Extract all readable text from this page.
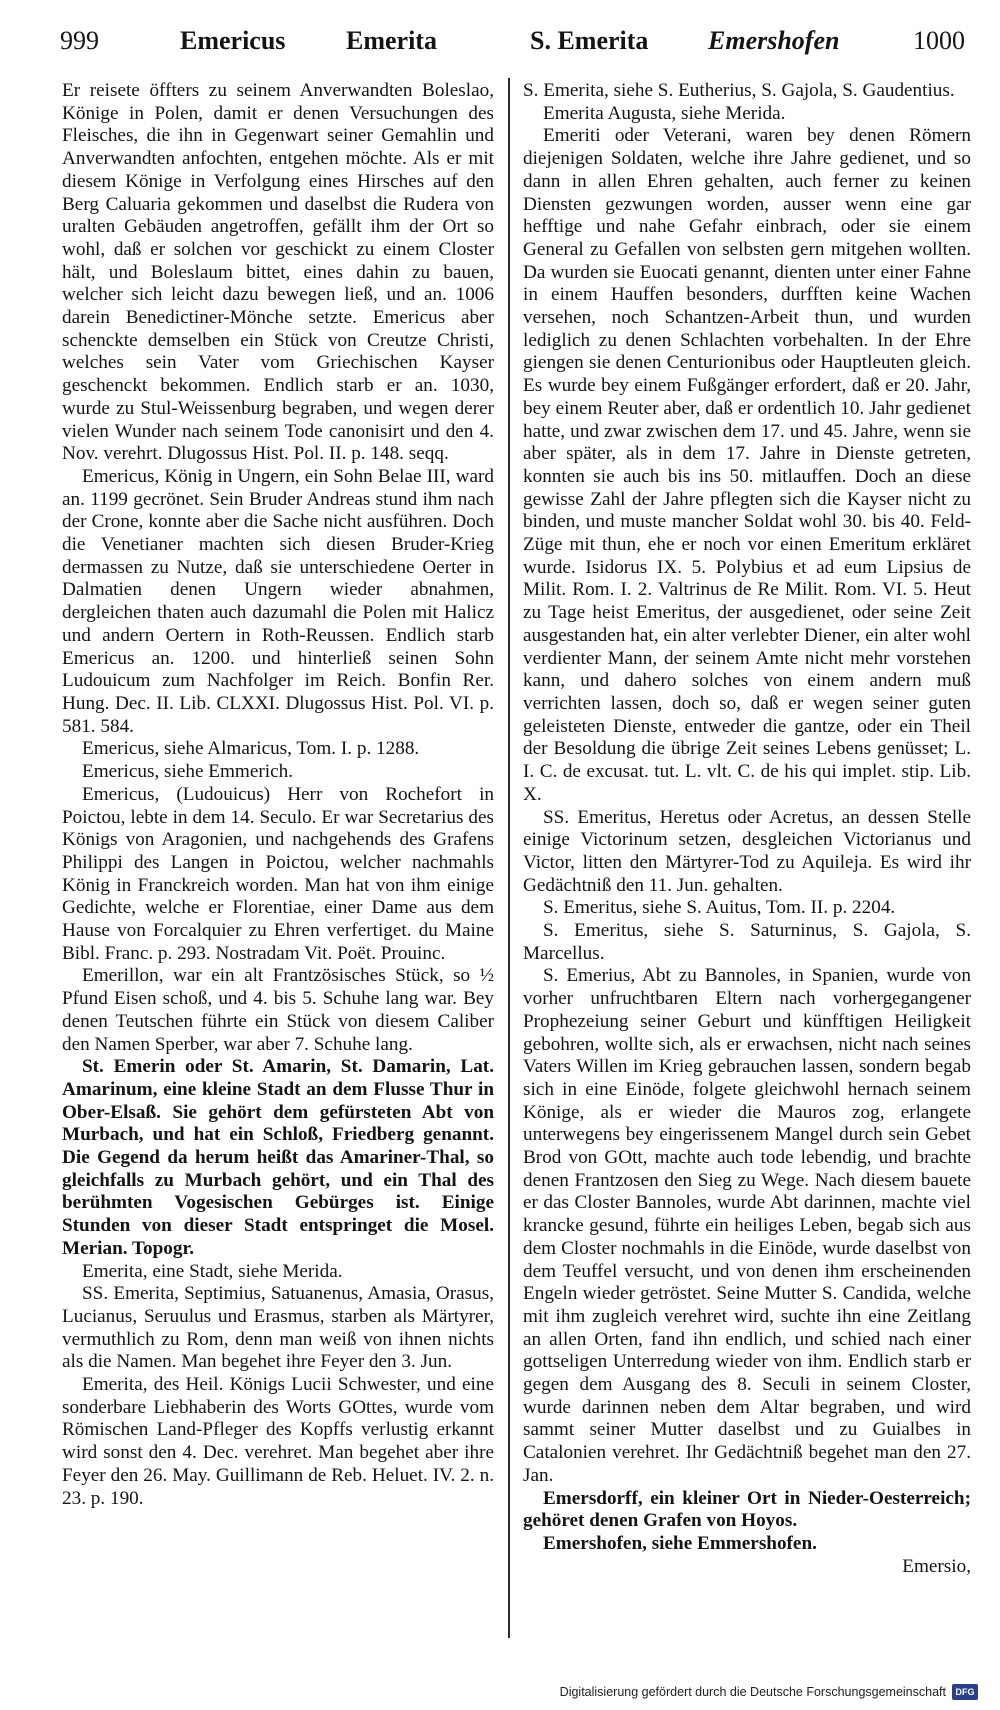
999	Emericus Emerita	S. Emerita Emershofen	1000

Er reisete öffters zu seinem Anverwandten Boleslao, Könige in Polen, damit er denen Versuchungen des Fleisches, die ihn in Gegenwart seiner Gemahlin und Anverwandten anfochten, entgehen möchte. Als er mit diesem Könige in Verfolgung eines Hirsches auf den Berg Caluaria gekommen und daselbst die Rudera von uralten Gebäuden angetroffen, gefällt ihm der Ort so wohl, daß er solchen vor geschickt zu einem Closter hält, und Boleslaum bittet, eines dahin zu bauen, welcher sich leicht dazu bewegen ließ, und an. 1006 darein Benedictiner-Mönche setzte. Emericus aber schenckte demselben ein Stück von Creutze Christi, welches sein Vater vom Griechischen Kayser geschenckt bekommen. Endlich starb er an. 1030, wurde zu Stul-Weissenburg begraben, und wegen derer vielen Wunder nach seinem Tode canonisirt und den 4. Nov. verehrt. Dlugossus Hist. Pol. II. p. 148. seqq.

Emericus, König in Ungern, ein Sohn Belae III, ward an. 1199 gecrönet. Sein Bruder Andreas stund ihm nach der Crone, konnte aber die Sache nicht ausführen. Doch die Venetianer machten sich diesen Bruder-Krieg dermassen zu Nutze, daß sie unterschiedene Oerter in Dalmatien denen Ungern wieder abnahmen, dergleichen thaten auch dazumahl die Polen mit Halicz und andern Oertern in Roth-Reussen. Endlich starb Emericus an. 1200. und hinterließ seinen Sohn Ludouicum zum Nachfolger im Reich. Bonfin Rer. Hung. Dec. II. Lib. CLXXI. Dlugossus Hist. Pol. VI. p. 581. 584.

Emericus, siehe Almaricus, Tom. I. p. 1288.

Emericus, siehe Emmerich.

Emericus, (Ludouicus) Herr von Rochefort in Poictou, lebte in dem 14. Seculo. Er war Secretarius des Königs von Aragonien, und nachgehends des Grafens Philippi des Langen in Poictou, welcher nachmahls König in Franckreich worden. Man hat von ihm einige Gedichte, welche er Florentiae, einer Dame aus dem Hause von Forcalquier zu Ehren verfertiget. du Maine Bibl. Franc. p. 293. Nostradam Vit. Poët. Prouinc.

Emerillon, war ein alt Frantzösisches Stück, so ½ Pfund Eisen schoß, und 4. bis 5. Schuhe lang war. Bey denen Teutschen führte ein Stück von diesem Caliber den Namen Sperber, war aber 7. Schuhe lang.

St. Emerin oder St. Amarin, St. Damarin, Lat. Amarinum, eine kleine Stadt an dem Flusse Thur in Ober-Elsaß. Sie gehört dem gefürsteten Abt von Murbach, und hat ein Schloß, Friedberg genannt. Die Gegend da herum heißt das Amariner-Thal, so gleichfalls zu Murbach gehört, und ein Thal des berühmten Vogesischen Gebürges ist. Einige Stunden von dieser Stadt entspringet die Mosel. Merian. Topogr.

Emerita, eine Stadt, siehe Merida.

SS. Emerita, Septimius, Satuanenus, Amasia, Orasus, Lucianus, Seruulus und Erasmus, starben als Märtyrer, vermuthlich zu Rom, denn man weiß von ihnen nichts als die Namen. Man begehet ihre Feyer den 3. Jun.

Emerita, des Heil. Königs Lucii Schwester, und eine sonderbare Liebhaberin des Worts GOttes, wurde vom Römischen Land-Pfleger des Kopffs verlustig erkannt wird sonst den 4. Dec. verehret. Man begehet aber ihre Feyer den 26. May. Guillimann de Reb. Heluet. IV. 2. n. 23. p. 190.

S. Emerita, siehe S. Eutherius, S. Gajola, S. Gaudentius.

Emerita Augusta, siehe Merida.

Emeriti oder Veterani, waren bey denen Römern diejenigen Soldaten, welche ihre Jahre gedienet, und so dann in allen Ehren gehalten, auch ferner zu keinen Diensten gezwungen worden, ausser wenn eine gar hefftige und nahe Gefahr einbrach, oder sie einem General zu Gefallen von selbsten gern mitgehen wollten. Da wurden sie Euocati genannt, dienten unter einer Fahne in einem Hauffen besonders, durfften keine Wachen versehen, noch Schantzen-Arbeit thun, und wurden lediglich zu denen Schlachten vorbehalten. In der Ehre giengen sie denen Centurionibus oder Hauptleuten gleich. Es wurde bey einem Fußgänger erfordert, daß er 20. Jahr, bey einem Reuter aber, daß er ordentlich 10. Jahr gedienet hatte, und zwar zwischen dem 17. und 45. Jahre, wenn sie aber später, als in dem 17. Jahre in Dienste getreten, konnten sie auch bis ins 50. mitlauffen. Doch an diese gewisse Zahl der Jahre pflegten sich die Kayser nicht zu binden, und muste mancher Soldat wohl 30. bis 40. Feld-Züge mit thun, ehe er noch vor einen Emeritum erkläret wurde. Isidorus IX. 5. Polybius et ad eum Lipsius de Milit. Rom. I. 2. Valtrinus de Re Milit. Rom. VI. 5. Heut zu Tage heist Emeritus, der ausgedienet, oder seine Zeit ausgestanden hat, ein alter verlebter Diener, ein alter wohl verdienter Mann, der seinem Amte nicht mehr vorstehen kann, und dahero solches von einem andern muß verrichten lassen, doch so, daß er wegen seiner guten geleisteten Dienste, entweder die gantze, oder ein Theil der Besoldung die übrige Zeit seines Lebens genüsset; L. I. C. de excusat. tut. L. vlt. C. de his qui implet. stip. Lib. X.

SS. Emeritus, Heretus oder Acretus, an dessen Stelle einige Victorinum setzen, desgleichen Victorianus und Victor, litten den Märtyrer-Tod zu Aquileja. Es wird ihr Gedächtniß den 11. Jun. gehalten.

S. Emeritus, siehe S. Auitus, Tom. II. p. 2204.

S. Emeritus, siehe S. Saturninus, S. Gajola, S. Marcellus.

S. Emerius, Abt zu Bannoles, in Spanien, wurde von vorher unfruchtbaren Eltern nach vorhergegangener Prophezeiung seiner Geburt und künfftigen Heiligkeit gebohren, wollte sich, als er erwachsen, nicht nach seines Vaters Willen im Krieg gebrauchen lassen, sondern begab sich in eine Einöde, folgete gleichwohl hernach seinem Könige, als er wieder die Mauros zog, erlangete unterwegens bey eingerissenem Mangel durch sein Gebet Brod von GOtt, machte auch tode lebendig, und brachte denen Frantzosen den Sieg zu Wege. Nach diesem bauete er das Closter Bannoles, wurde Abt darinnen, machte viel krancke gesund, führte ein heiliges Leben, begab sich aus dem Closter nochmahls in die Einöde, wurde daselbst von dem Teuffel versucht, und von denen ihm erscheinenden Engeln wieder getröstet. Seine Mutter S. Candida, welche mit ihm zugleich verehret wird, suchte ihn eine Zeitlang an allen Orten, fand ihn endlich, und schied nach einer gottseligen Unterredung wieder von ihm. Endlich starb er gegen dem Ausgang des 8. Seculi in seinem Closter, wurde darinnen neben dem Altar begraben, und wird sammt seiner Mutter daselbst und zu Guialbes in Catalonien verehret. Ihr Gedächtniß begehet man den 27. Jan.

Emersdorff, ein kleiner Ort in Nieder-Oesterreich; gehöret denen Grafen von Hoyos.

Emershofen, siehe Emmershofen.

Emersio,

Digitalisierung gefördert durch die Deutsche Forschungsgemeinschaft	DFG
